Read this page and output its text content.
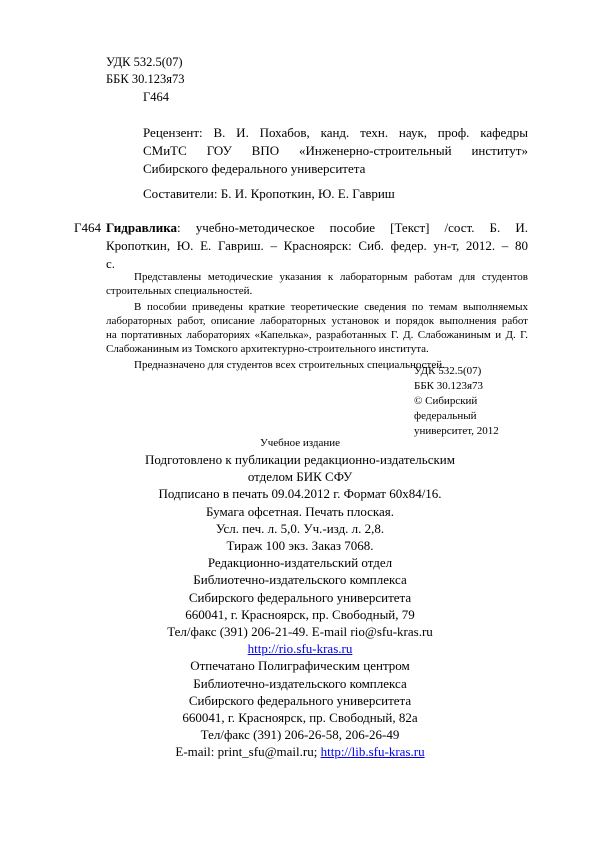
УДК 532.5(07)
ББК 30.123я73
Г464
Рецензент: В. И. Похабов, канд. техн. наук, проф. кафедры
СМиТС ГОУ ВПО «Инженерно-строительный институт»
Сибирского федерального университета
Составители: Б. И. Кропоткин, Ю. Е. Гавриш
Г464 Гидравлика: учебно-методическое пособие [Текст] /сост. Б. И.
Кропоткин, Ю. Е. Гавриш. – Красноярск: Сиб. федер. ун-т, 2012. – 80
с.
Представлены методические указания к лабораторным работам для студентов
строительных специальностей.
В пособии приведены краткие теоретические сведения по темам выполняемых
лабораторных работ, описание лабораторных установок и порядок выполнения работ
на портативных лабораториях «Капелька», разработанных Г. Д. Слабожаниным и Д. Г.
Слабожаниным из Томского архитектурно-строительного института.
Предназначено для студентов всех строительных специальностей.
УДК 532.5(07)
ББК 30.123я73
© Сибирский
федеральный
университет, 2012
Учебное издание
Подготовлено к публикации редакционно-издательским
отделом БИК СФУ
Подписано в печать 09.04.2012 г. Формат 60x84/16.
Бумага офсетная. Печать плоская.
Усл. печ. л. 5,0. Уч.-изд. л. 2,8.
Тираж 100 экз. Заказ 7068.
Редакционно-издательский отдел
Библиотечно-издательского комплекса
Сибирского федерального университета
660041, г. Красноярск, пр. Свободный, 79
Тел/факс (391) 206-21-49. E-mail rio@sfu-kras.ru
http://rio.sfu-kras.ru
Отпечатано Полиграфическим центром
Библиотечно-издательского комплекса
Сибирского федерального университета
660041, г. Красноярск, пр. Свободный, 82а
Тел/факс (391) 206-26-58, 206-26-49
E-mail: print_sfu@mail.ru; http://lib.sfu-kras.ru
